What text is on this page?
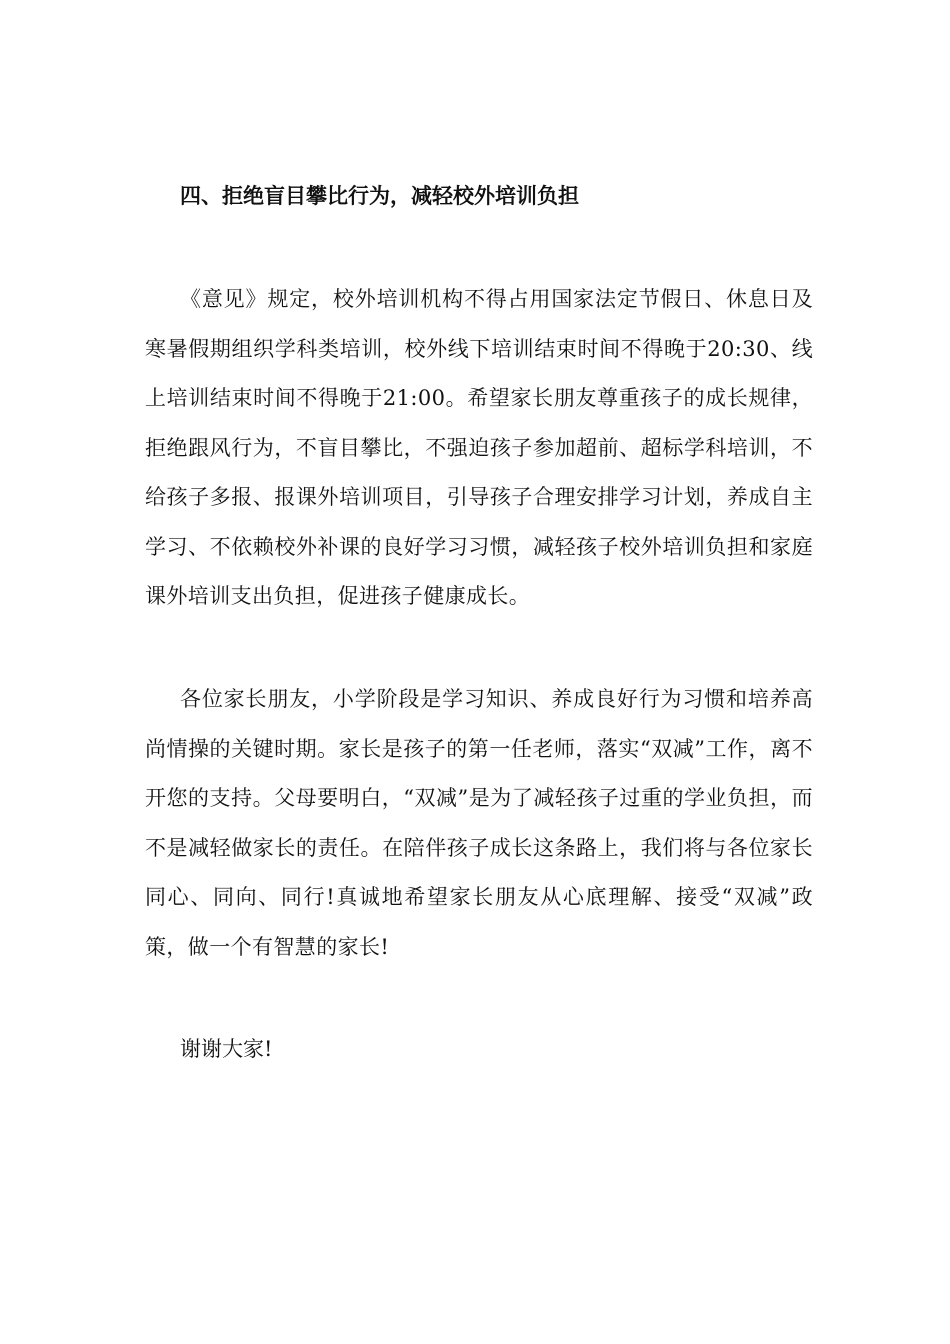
四、拒绝盲目攀比行为，减轻校外培训负担

《意见》规定，校外培训机构不得占用国家法定节假日、休息日及寒暑假期组织学科类培训，校外线下培训结束时间不得晚于20:30、线上培训结束时间不得晚于21:00。希望家长朋友尊重孩子的成长规律，拒绝跟风行为，不盲目攀比，不强迫孩子参加超前、超标学科培训，不给孩子多报、报课外培训项目，引导孩子合理安排学习计划，养成自主学习、不依赖校外补课的良好学习习惯，减轻孩子校外培训负担和家庭课外培训支出负担，促进孩子健康成长。

各位家长朋友，小学阶段是学习知识、养成良好行为习惯和培养高尚情操的关键时期。家长是孩子的第一任老师，落实“双减”工作，离不开您的支持。父母要明白，“双减”是为了减轻孩子过重的学业负担，而不是减轻做家长的责任。在陪伴孩子成长这条路上，我们将与各位家长同心、同向、同行!真诚地希望家长朋友从心底理解、接受“双减”政策，做一个有智慧的家长!

谢谢大家!
